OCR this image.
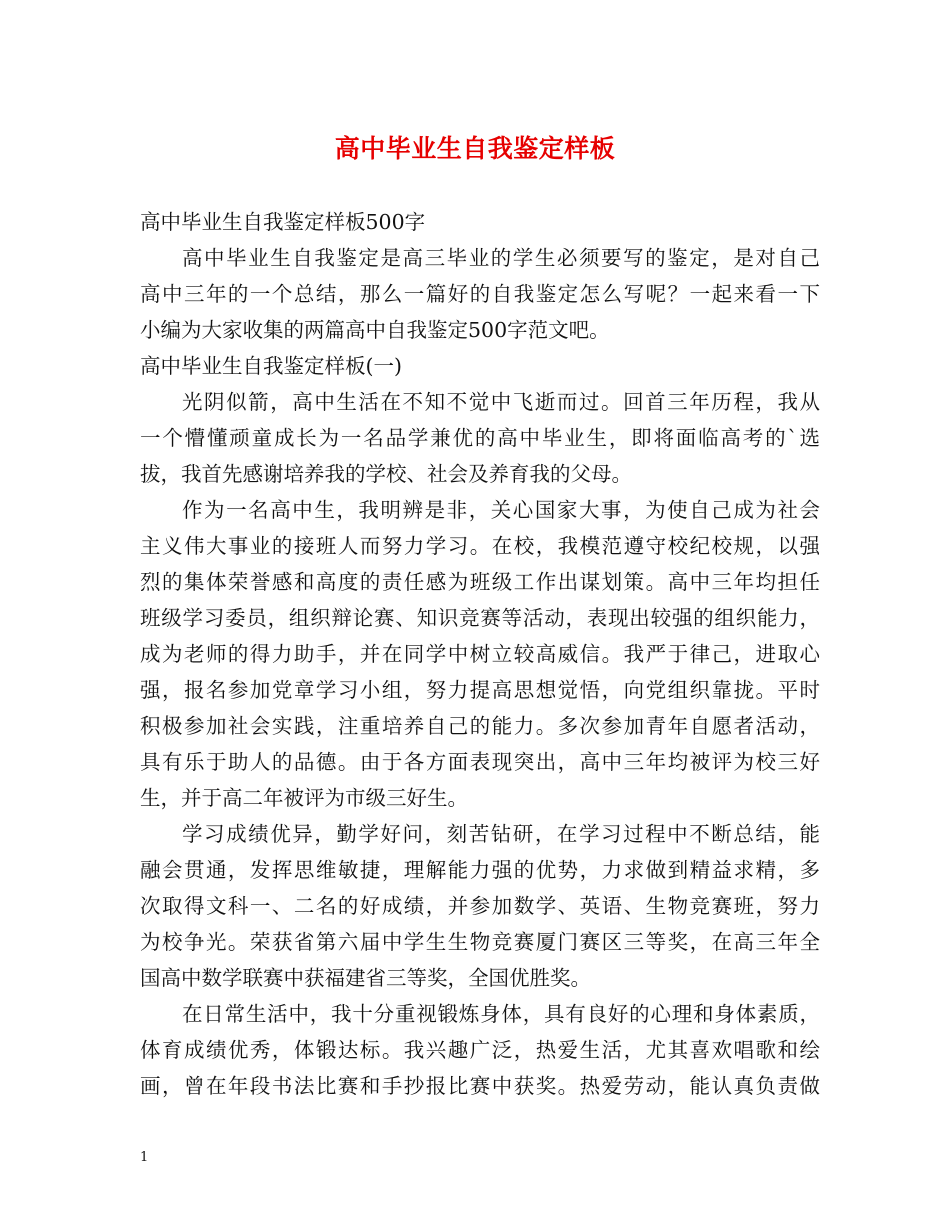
高中毕业生自我鉴定样板
高中毕业生自我鉴定样板500字
高中毕业生自我鉴定是高三毕业的学生必须要写的鉴定，是对自己
高中三年的一个总结，那么一篇好的自我鉴定怎么写呢？一起来看一下
小编为大家收集的两篇高中自我鉴定500字范文吧。
高中毕业生自我鉴定样板(一)
光阴似箭，高中生活在不知不觉中飞逝而过。回首三年历程，我从
一个懵懂顽童成长为一名品学兼优的高中毕业生，即将面临高考的`选
拔，我首先感谢培养我的学校、社会及养育我的父母。
作为一名高中生，我明辨是非，关心国家大事，为使自己成为社会
主义伟大事业的接班人而努力学习。在校，我模范遵守校纪校规，以强
烈的集体荣誉感和高度的责任感为班级工作出谋划策。高中三年均担任
班级学习委员，组织辩论赛、知识竞赛等活动，表现出较强的组织能力，
成为老师的得力助手，并在同学中树立较高威信。我严于律己，进取心
强，报名参加党章学习小组，努力提高思想觉悟，向党组织靠拢。平时
积极参加社会实践，注重培养自己的能力。多次参加青年自愿者活动，
具有乐于助人的品德。由于各方面表现突出，高中三年均被评为校三好
生，并于高二年被评为市级三好生。
学习成绩优异，勤学好问，刻苦钻研，在学习过程中不断总结，能
融会贯通，发挥思维敏捷，理解能力强的优势，力求做到精益求精，多
次取得文科一、二名的好成绩，并参加数学、英语、生物竞赛班，努力
为校争光。荣获省第六届中学生生物竞赛厦门赛区三等奖，在高三年全
国高中数学联赛中获福建省三等奖，全国优胜奖。
在日常生活中，我十分重视锻炼身体，具有良好的心理和身体素质，
体育成绩优秀，体锻达标。我兴趣广泛，热爱生活，尤其喜欢唱歌和绘
画，曾在年段书法比赛和手抄报比赛中获奖。热爱劳动，能认真负责做
1
